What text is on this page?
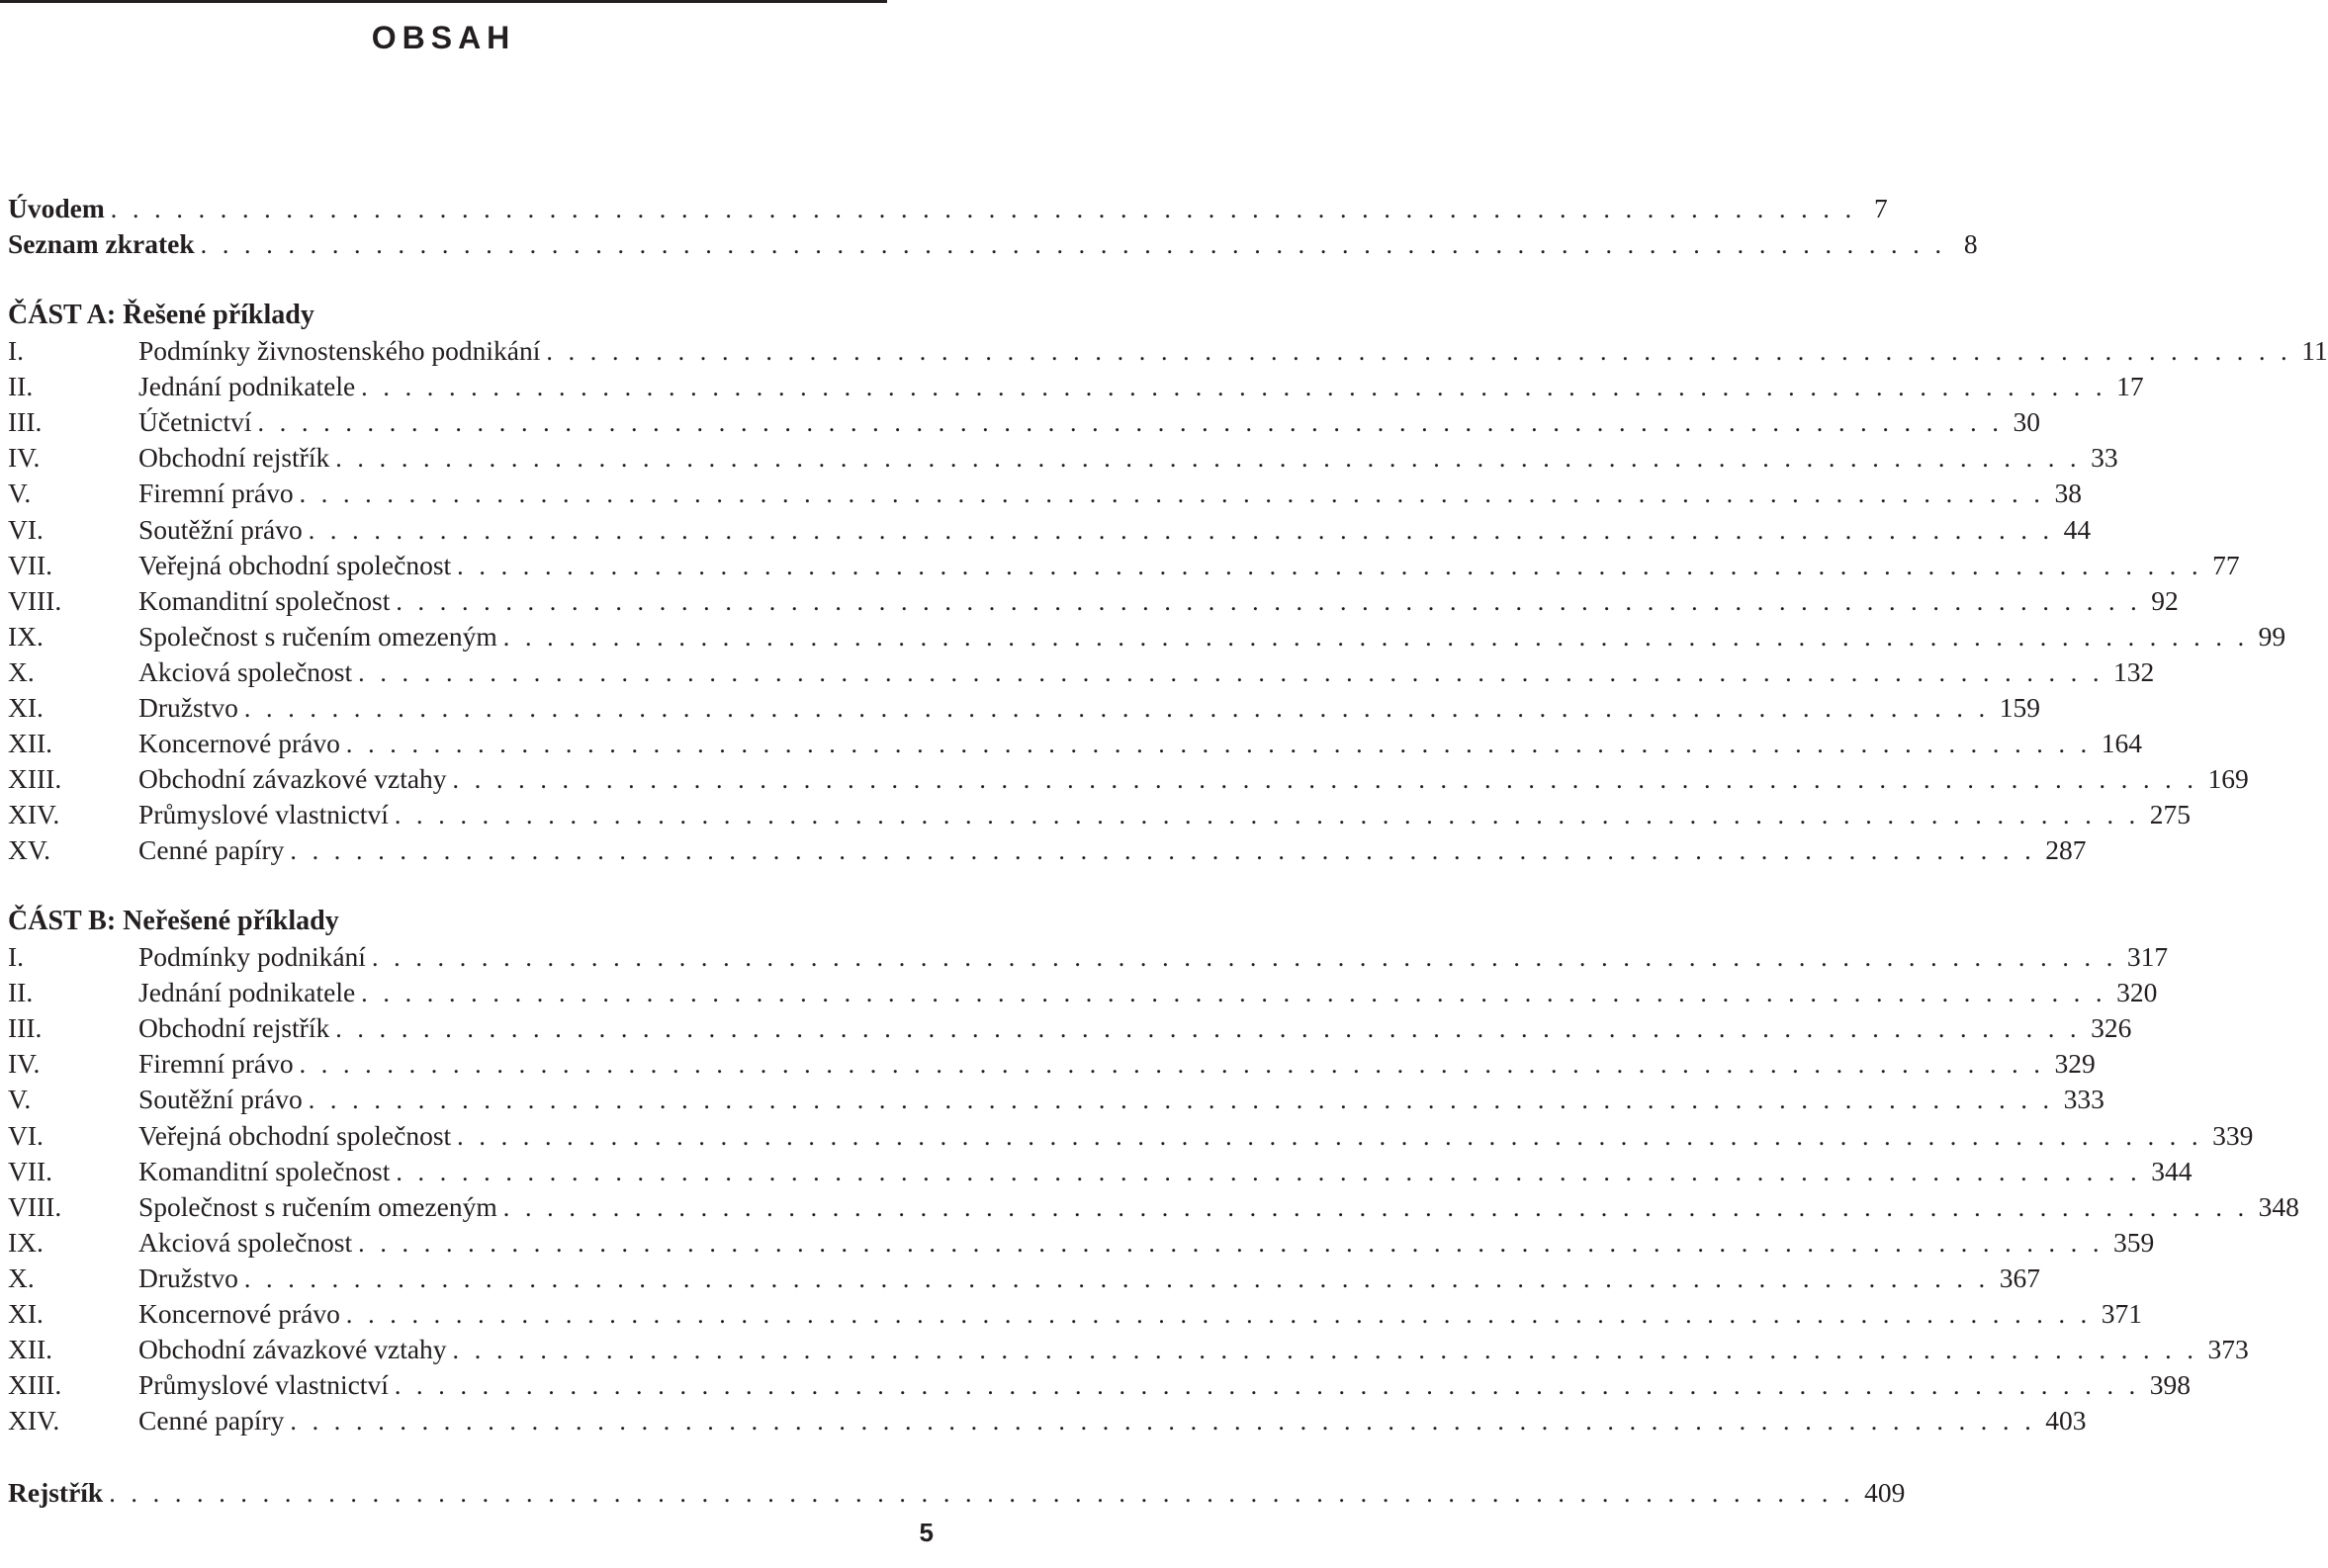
OBSAH
Úvodem . . . . . . . . . . . . . . . . . . . . . . . . . . . . . . . . . . . . . . . . . . . . . . . . . . . . . . . . . . . . . . . . . . . . . . . . . . . . . . . . 7
Seznam zkratek . . . . . . . . . . . . . . . . . . . . . . . . . . . . . . . . . . . . . . . . . . . . . . . . . . . . . . . . . . . . . . . . . . . . . . . . . . . . . . . . 8
ČÁST A: Řešené příklady
I.	Podmínky živnostenského podnikání . . . . . . . . . . . . . . . . . . . . . . . . . . . . . . . . . . . . . . . . . . . . . . . . . . . . . . . . . . . . . . . . . . . . . . . . . . . . . . . . 11
II.	Jednání podnikatele . . . . . . . . . . . . . . . . . . . . . . . . . . . . . . . . . . . . . . . . . . . . . . . . . . . . . . . . . . . . . . . . . . . . . . . . . . . . . . . . 17
III.	Účetnictví . . . . . . . . . . . . . . . . . . . . . . . . . . . . . . . . . . . . . . . . . . . . . . . . . . . . . . . . . . . . . . . . . . . . . . . . . . . . . . . . 30
IV.	Obchodní rejstřík . . . . . . . . . . . . . . . . . . . . . . . . . . . . . . . . . . . . . . . . . . . . . . . . . . . . . . . . . . . . . . . . . . . . . . . . . . . . . . . . 33
V.	Firemní právo . . . . . . . . . . . . . . . . . . . . . . . . . . . . . . . . . . . . . . . . . . . . . . . . . . . . . . . . . . . . . . . . . . . . . . . . . . . . . . . . 38
VI.	Soutěžní právo . . . . . . . . . . . . . . . . . . . . . . . . . . . . . . . . . . . . . . . . . . . . . . . . . . . . . . . . . . . . . . . . . . . . . . . . . . . . . . . . 44
VII.	Veřejná obchodní společnost . . . . . . . . . . . . . . . . . . . . . . . . . . . . . . . . . . . . . . . . . . . . . . . . . . . . . . . . . . . . . . . . . . . . . . . . . . . . . . . . 77
VIII.	Komanditní společnost . . . . . . . . . . . . . . . . . . . . . . . . . . . . . . . . . . . . . . . . . . . . . . . . . . . . . . . . . . . . . . . . . . . . . . . . . . . . . . . . 92
IX.	Společnost s ručením omezeným . . . . . . . . . . . . . . . . . . . . . . . . . . . . . . . . . . . . . . . . . . . . . . . . . . . . . . . . . . . . . . . . . . . . . . . . . . . . . . . . 99
X.	Akciová společnost . . . . . . . . . . . . . . . . . . . . . . . . . . . . . . . . . . . . . . . . . . . . . . . . . . . . . . . . . . . . . . . . . . . . . . . . . . . . . . . . 132
XI.	Družstvo . . . . . . . . . . . . . . . . . . . . . . . . . . . . . . . . . . . . . . . . . . . . . . . . . . . . . . . . . . . . . . . . . . . . . . . . . . . . . . . . 159
XII.	Koncernové právo . . . . . . . . . . . . . . . . . . . . . . . . . . . . . . . . . . . . . . . . . . . . . . . . . . . . . . . . . . . . . . . . . . . . . . . . . . . . . . . . 164
XIII.	Obchodní závazkové vztahy . . . . . . . . . . . . . . . . . . . . . . . . . . . . . . . . . . . . . . . . . . . . . . . . . . . . . . . . . . . . . . . . . . . . . . . . . . . . . . . . 169
XIV.	Průmyslové vlastnictví . . . . . . . . . . . . . . . . . . . . . . . . . . . . . . . . . . . . . . . . . . . . . . . . . . . . . . . . . . . . . . . . . . . . . . . . . . . . . . . . 275
XV.	Cenné papíry . . . . . . . . . . . . . . . . . . . . . . . . . . . . . . . . . . . . . . . . . . . . . . . . . . . . . . . . . . . . . . . . . . . . . . . . . . . . . . . . 287
ČÁST B: Neřešené příklady
I.	Podmínky podnikání . . . . . . . . . . . . . . . . . . . . . . . . . . . . . . . . . . . . . . . . . . . . . . . . . . . . . . . . . . . . . . . . . . . . . . . . . . . . . . . . 317
II.	Jednání podnikatele . . . . . . . . . . . . . . . . . . . . . . . . . . . . . . . . . . . . . . . . . . . . . . . . . . . . . . . . . . . . . . . . . . . . . . . . . . . . . . . . 320
III.	Obchodní rejstřík . . . . . . . . . . . . . . . . . . . . . . . . . . . . . . . . . . . . . . . . . . . . . . . . . . . . . . . . . . . . . . . . . . . . . . . . . . . . . . . . 326
IV.	Firemní právo . . . . . . . . . . . . . . . . . . . . . . . . . . . . . . . . . . . . . . . . . . . . . . . . . . . . . . . . . . . . . . . . . . . . . . . . . . . . . . . . 329
V.	Soutěžní právo . . . . . . . . . . . . . . . . . . . . . . . . . . . . . . . . . . . . . . . . . . . . . . . . . . . . . . . . . . . . . . . . . . . . . . . . . . . . . . . . 333
VI.	Veřejná obchodní společnost . . . . . . . . . . . . . . . . . . . . . . . . . . . . . . . . . . . . . . . . . . . . . . . . . . . . . . . . . . . . . . . . . . . . . . . . . . . . . . . . 339
VII.	Komanditní společnost . . . . . . . . . . . . . . . . . . . . . . . . . . . . . . . . . . . . . . . . . . . . . . . . . . . . . . . . . . . . . . . . . . . . . . . . . . . . . . . . 344
VIII.	Společnost s ručením omezeným . . . . . . . . . . . . . . . . . . . . . . . . . . . . . . . . . . . . . . . . . . . . . . . . . . . . . . . . . . . . . . . . . . . . . . . . . . . . . . . . 348
IX.	Akciová společnost . . . . . . . . . . . . . . . . . . . . . . . . . . . . . . . . . . . . . . . . . . . . . . . . . . . . . . . . . . . . . . . . . . . . . . . . . . . . . . . . 359
X.	Družstvo . . . . . . . . . . . . . . . . . . . . . . . . . . . . . . . . . . . . . . . . . . . . . . . . . . . . . . . . . . . . . . . . . . . . . . . . . . . . . . . . 367
XI.	Koncernové právo . . . . . . . . . . . . . . . . . . . . . . . . . . . . . . . . . . . . . . . . . . . . . . . . . . . . . . . . . . . . . . . . . . . . . . . . . . . . . . . . 371
XII.	Obchodní závazkové vztahy . . . . . . . . . . . . . . . . . . . . . . . . . . . . . . . . . . . . . . . . . . . . . . . . . . . . . . . . . . . . . . . . . . . . . . . . . . . . . . . . 373
XIII.	Průmyslové vlastnictví . . . . . . . . . . . . . . . . . . . . . . . . . . . . . . . . . . . . . . . . . . . . . . . . . . . . . . . . . . . . . . . . . . . . . . . . . . . . . . . . 398
XIV.	Cenné papíry . . . . . . . . . . . . . . . . . . . . . . . . . . . . . . . . . . . . . . . . . . . . . . . . . . . . . . . . . . . . . . . . . . . . . . . . . . . . . . . . 403
Rejstřík . . . . . . . . . . . . . . . . . . . . . . . . . . . . . . . . . . . . . . . . . . . . . . . . . . . . . . . . . . . . . . . . . . . . . . . . . . . . . . . . 409
5
